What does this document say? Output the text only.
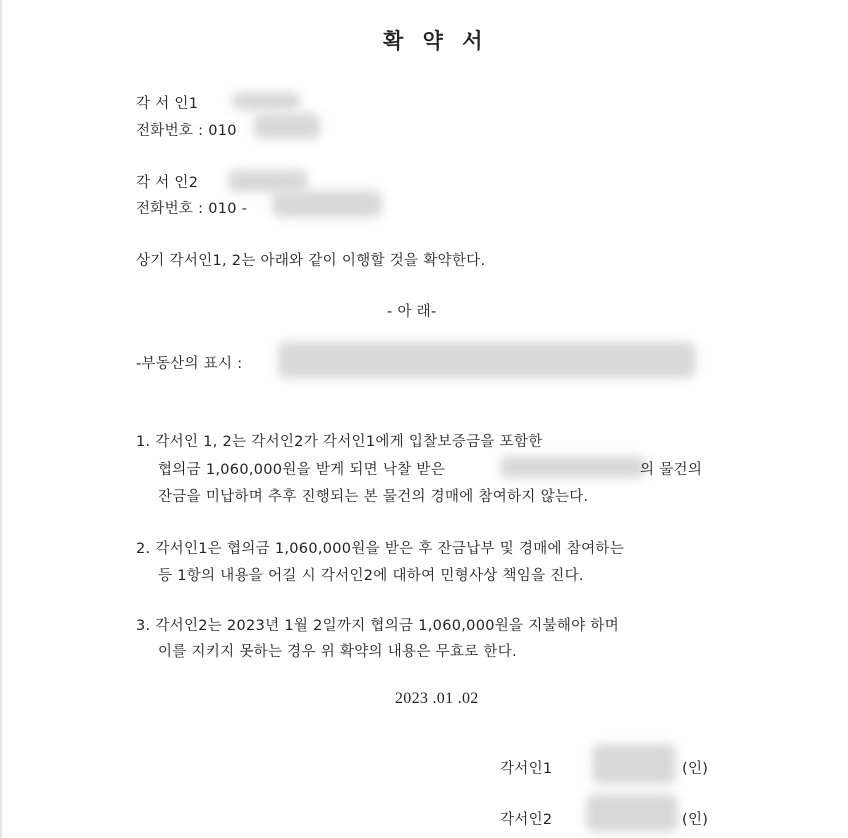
확 약 서
각 서 인1
전화번호 : 010
각 서 인2
전화번호 : 010 -
상기 각서인1, 2는 아래와 같이 이행할 것을 확약한다.
- 아 래-
-부동산의 표시 :
1. 각서인 1, 2는 각서인2가 각서인1에게 입찰보증금을 포함한
협의금 1,060,000원을 받게 되면 낙찰 받은	의 물건의
잔금을 미납하며 추후 진행되는 본 물건의 경매에 참여하지 않는다.
2. 각서인1은 협의금 1,060,000원을 받은 후 잔금납부 및 경매에 참여하는
등 1항의 내용을 어길 시 각서인2에 대하여 민형사상 책임을 진다.
3. 각서인2는 2023년 1월 2일까지 협의금 1,060,000원을 지불해야 하며
이를 지키지 못하는 경우 위 확약의 내용은 무효로 한다.
2023 .01 .02
각서인1	(인)
각서인2	(인)
